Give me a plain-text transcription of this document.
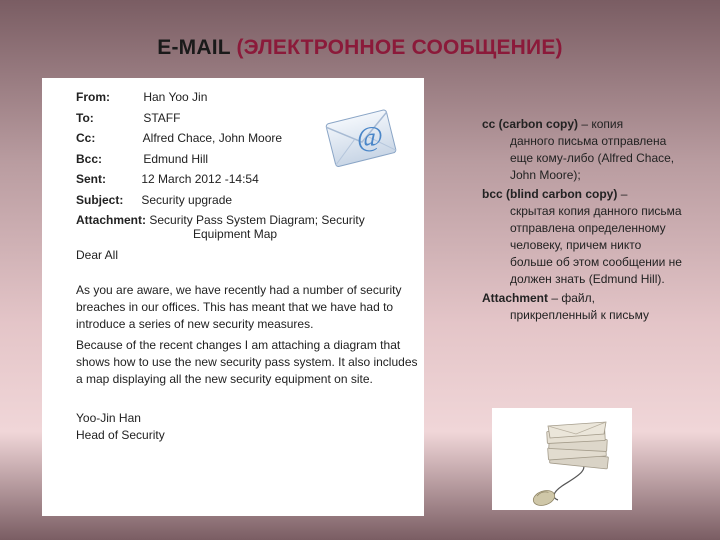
E-MAIL (ЭЛЕКТРОННОЕ СООБЩЕНИЕ)
From:	Han Yoo Jin
To:	STAFF
Cc:	Alfred Chace, John Moore
Bcc:	Edmund Hill
Sent:	12 March 2012 -14:54
Subject: Security upgrade
Attachment: Security Pass System Diagram; Security
Equipment Map

Dear All

As you are aware, we have recently had a number of security breaches in our offices. This has meant that we have had to introduce a series of new security measures.

Because of the recent changes I am attaching a diagram that shows how to use the new security pass system. It also includes a map displaying all the new security equipment on site.

Yoo-Jin Han

Head of Security

@	cc (carbon copy) – копия
данного письма отправлена еще кому-либо (Alfred Chace, John Moore);

bcc (blind carbon copy) –
скрытая копия данного письма отправлена определенному человеку, причем никто больше об этом сообщении не должен знать (Edmund Hill).

Attachment – файл,
прикрепленный к письму
